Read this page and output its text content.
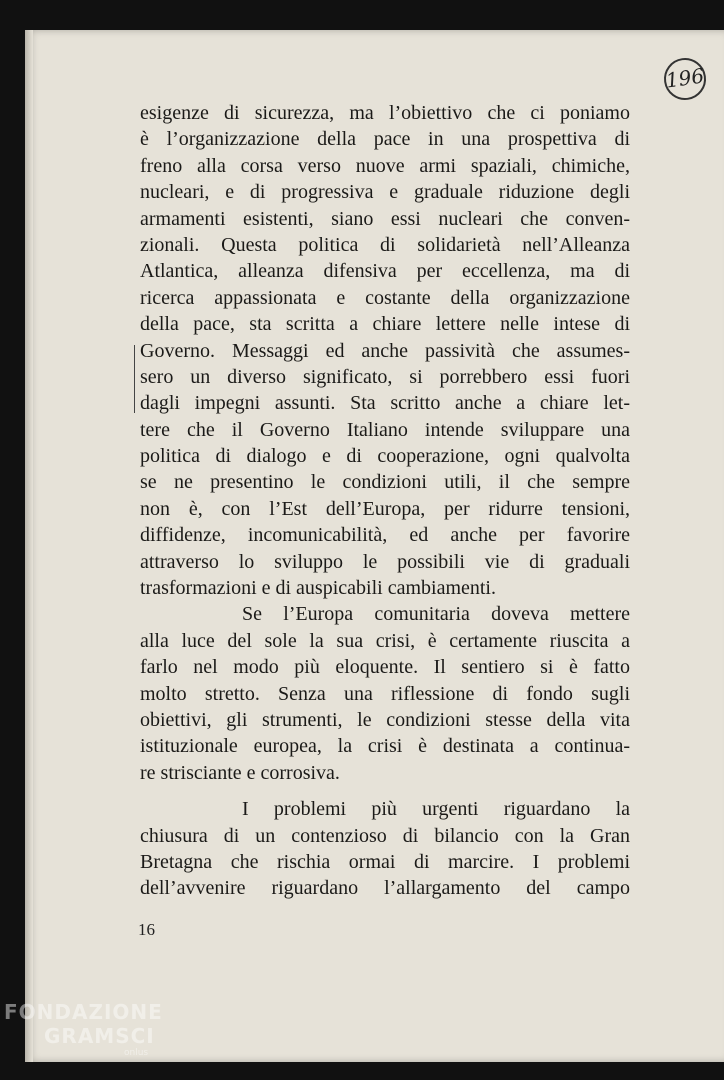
196
esigenze di sicurezza, ma l’obiettivo che ci poniamo
è l’organizzazione della pace in una prospettiva di
freno alla corsa verso nuove armi spaziali, chimiche,
nucleari, e di progressiva e graduale riduzione degli
armamenti esistenti, siano essi nucleari che conven-
zionali. Questa politica di solidarietà nell’Alleanza
Atlantica, alleanza difensiva per eccellenza, ma di
ricerca appassionata e costante della organizzazione
della pace, sta scritta a chiare lettere nelle intese di
Governo. Messaggi ed anche passività che assumes-
sero un diverso significato, si porrebbero essi fuori
dagli impegni assunti. Sta scritto anche a chiare let-
tere che il Governo Italiano intende sviluppare una
politica di dialogo e di cooperazione, ogni qualvolta
se ne presentino le condizioni utili, il che sempre
non è, con l’Est dell’Europa, per ridurre tensioni,
diffidenze, incomunicabilità, ed anche per favorire
attraverso lo sviluppo le possibili vie di graduali
trasformazioni e di auspicabili cambiamenti.
Se l’Europa comunitaria doveva mettere
alla luce del sole la sua crisi, è certamente riuscita a
farlo nel modo più eloquente. Il sentiero si è fatto
molto stretto. Senza una riflessione di fondo sugli
obiettivi, gli strumenti, le condizioni stesse della vita
istituzionale europea, la crisi è destinata a continua-
re strisciante e corrosiva.
I problemi più urgenti riguardano la
chiusura di un contenzioso di bilancio con la Gran
Bretagna che rischia ormai di marcire. I problemi
dell’avvenire riguardano l’allargamento del campo
16
FONDAZIONE
GRAMSCI
onlus
